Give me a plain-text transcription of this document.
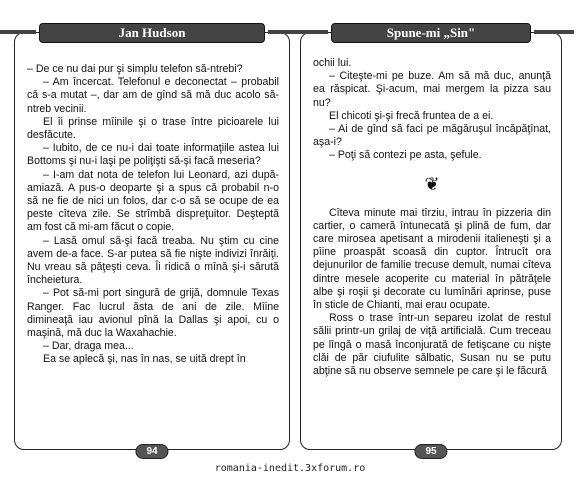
Jan Hudson

– De ce nu dai pur şi simplu telefon să-ntrebi?

– Am încercat. Telefonul e deconectat – probabil că s-a mutat –, dar am de gînd să mă duc acolo să-ntreb vecinii.

El îi prinse mîinile şi o trase între picioarele lui desfăcute.

– Iubito, de ce nu-i dai toate informaţiile astea lui Bottoms şi nu-i laşi pe poliţişti să-şi facă meseria?

– I-am dat nota de telefon lui Leonard, azi după-amiază. A pus-o deoparte şi a spus că probabil n-o să ne fie de nici un folos, dar c-o să se ocupe de ea peste cîteva zile. Se strîmbă dispreţuitor. Deşteptă am fost că mi-am făcut o copie.

– Lasă omul să-şi facă treaba. Nu ştim cu cine avem de-a face. S-ar putea să fie nişte indivizi înrăiţi. Nu vreau să păţeşti ceva. Îi ridică o mînă şi-i sărută încheietura.

– Pot să-mi port singură de grijă, domnule Texas Ranger. Fac lucrul ăsta de ani de zile. Mîine dimineaţă iau avionul pînă la Dallas şi apoi, cu o maşină, mă duc la Waxahachie.

– Dar, draga mea...

Ea se aplecă şi, nas în nas, se uită drept în

94
Spune-mi „Sin"

ochii lui.

– Citeşte-mi pe buze. Am să mă duc, anunţă ea răspicat. Şi-acum, mai mergem la pizza sau nu?

El chicoti şi-şi frecă fruntea de a ei.

– Ai de gînd să faci pe măgăruşul încăpăţînat, aşa-i?

– Poţi să contezi pe asta, şefule.

❦

Cîteva minute mai tîrziu, intrau în pizzeria din cartier, o cameră întunecată şi plină de fum, dar care mirosea apetisant a mirodenii italieneşti şi a pîine proaspăt scoasă din cuptor. Întrucît ora dejunurilor de familie trecuse demult, numai cîteva dintre mesele acoperite cu material în pătrăţele albe şi roşii şi decorate cu lumînări aprinse, puse în sticle de Chianti, mai erau ocupate.

Ross o trase într-un separeu izolat de restul sălii printr-un grilaj de viţă artificială. Cum treceau pe lîngă o masă înconjurată de fetişcane cu nişte clăi de păr ciufulite sălbatic, Susan nu se putu abţine să nu observe semnele pe care şi le făcură

95
romania-inedit.3xforum.ro
